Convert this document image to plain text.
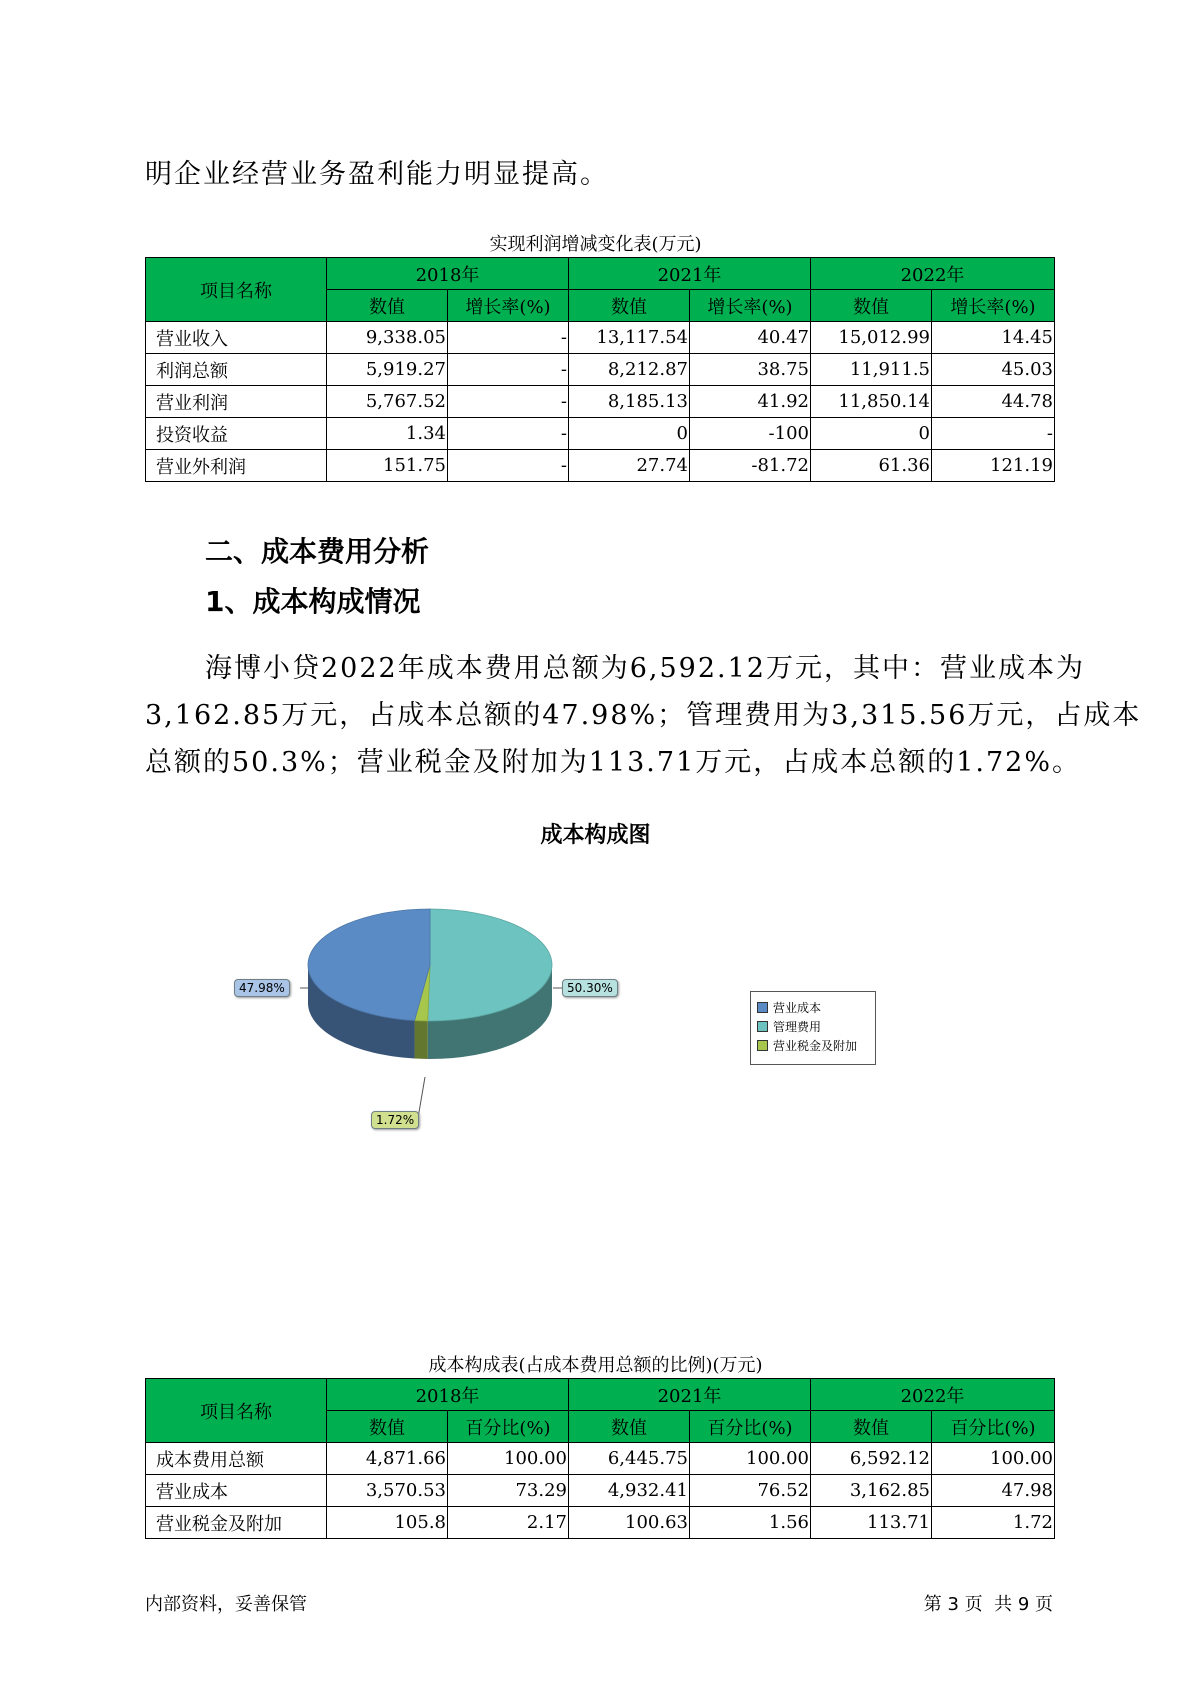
明企业经营业务盈利能力明显提高。
实现利润增减变化表(万元)
项目名称	2018年		2021年		2022年	
	数值	增长率(%)	数值	增长率(%)	数值	增长率(%)
营业收入	9,338.05	-	13,117.54	40.47	15,012.99	14.45
利润总额	5,919.27	-	8,212.87	38.75	11,911.5	45.03
营业利润	5,767.52	-	8,185.13	41.92	11,850.14	44.78
投资收益	1.34	-	0	-100	0	-
营业外利润	151.75	-	27.74	-81.72	61.36	121.19
二、成本费用分析
1、成本构成情况
海博小贷2022年成本费用总额为6,592.12万元，其中：营业成本为
3,162.85万元，占成本总额的47.98%；管理费用为3,315.56万元，占成本
总额的50.3%；营业税金及附加为113.71万元，占成本总额的1.72%。
成本构成图
47.98%	50.30%
1.72%
营业成本
管理费用
营业税金及附加
成本构成表(占成本费用总额的比例)(万元)
项目名称	2018年		2021年		2022年	
	数值	百分比(%)	数值	百分比(%)	数值	百分比(%)
成本费用总额	4,871.66	100.00	6,445.75	100.00	6,592.12	100.00
营业成本	3,570.53	73.29	4,932.41	76.52	3,162.85	47.98
营业税金及附加	105.8	2.17	100.63	1.56	113.71	1.72
内部资料，妥善保管	第 3 页  共 9 页
